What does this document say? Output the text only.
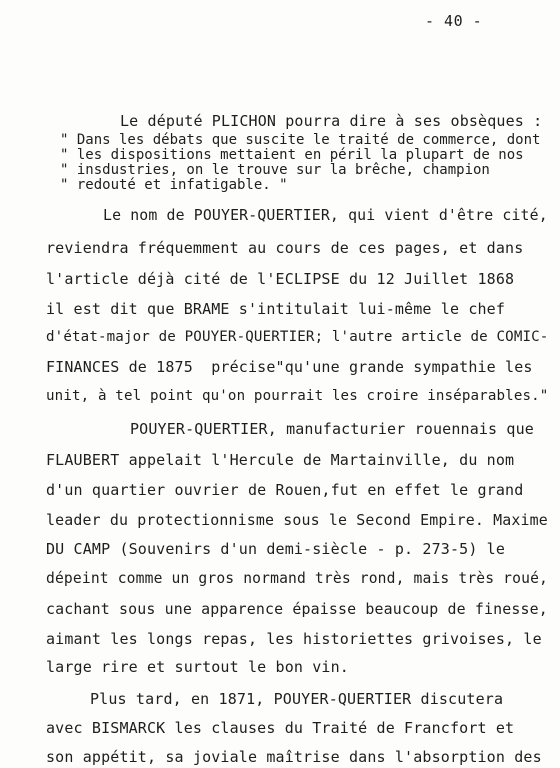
- 40 -
Le député PLICHON pourra dire à ses obsèques :
" Dans les débats que suscite le traité de commerce, dont
" les dispositions mettaient en péril la plupart de nos
" insdustries, on le trouve sur la brêche, champion
" redouté et infatigable. "
Le nom de POUYER-QUERTIER, qui vient d'être cité,
reviendra fréquemment au cours de ces pages, et dans
l'article déjà cité de l'ECLIPSE du 12 Juillet 1868
il est dit que BRAME s'intitulait lui-même le chef
d'état-major de POUYER-QUERTIER; l'autre article de COMIC-
FINANCES de 1875  précise"qu'une grande sympathie les
unit, à tel point qu'on pourrait les croire inséparables."
POUYER-QUERTIER, manufacturier rouennais que
FLAUBERT appelait l'Hercule de Martainville, du nom
d'un quartier ouvrier de Rouen,fut en effet le grand
leader du protectionnisme sous le Second Empire. Maxime
DU CAMP (Souvenirs d'un demi-siècle - p. 273-5) le
dépeint comme un gros normand très rond, mais très roué,
cachant sous une apparence épaisse beaucoup de finesse,
aimant les longs repas, les historiettes grivoises, le
large rire et surtout le bon vin.
Plus tard, en 1871, POUYER-QUERTIER discutera
avec BISMARCK les clauses du Traité de Francfort et
son appétit, sa joviale maîtrise dans l'absorption des
